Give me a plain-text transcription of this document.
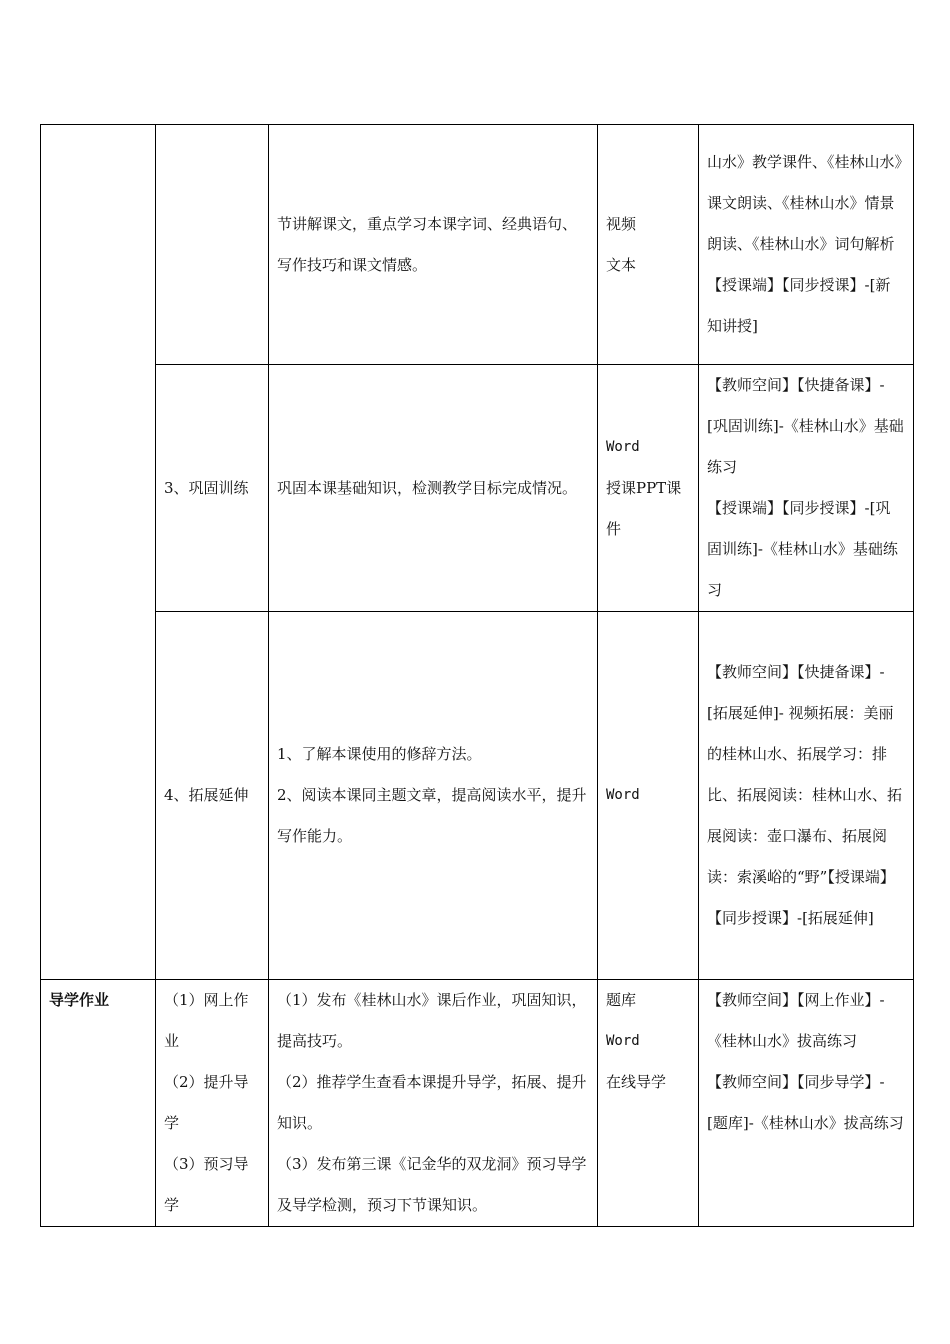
		节讲解课文，重点学习本课字词、经典语句、写作技巧和课文情感。	视频
文本	山水》教学课件、《桂林山水》课文朗读、《桂林山水》情景朗读、《桂林山水》词句解析
【授课端】【同步授课】-[新知讲授]

	3、巩固训练	巩固本课基础知识，检测教学目标完成情况。	Word
授课PPT课件	【教师空间】【快捷备课】-[巩固训练]-《桂林山水》基础练习
【授课端】【同步授课】-[巩固训练]-《桂林山水》基础练习

	4、拓展延伸	1、了解本课使用的修辞方法。
2、阅读本课同主题文章，提高阅读水平，提升写作能力。	Word	【教师空间】【快捷备课】-[拓展延伸]- 视频拓展：美丽的桂林山水、拓展学习：排比、拓展阅读：桂林山水、拓展阅读：壶口瀑布、拓展阅读：索溪峪的“野”【授课端】【同步授课】-[拓展延伸]

导学作业	（1）网上作业
（2）提升导学
（3）预习导学	（1）发布《桂林山水》课后作业，巩固知识，提高技巧。
（2）推荐学生查看本课提升导学，拓展、提升知识。
（3）发布第三课《记金华的双龙洞》预习导学及导学检测，预习下节课知识。	题库
Word
在线导学	【教师空间】【网上作业】-《桂林山水》拔高练习
【教师空间】【同步导学】-[题库]-《桂林山水》拔高练习
